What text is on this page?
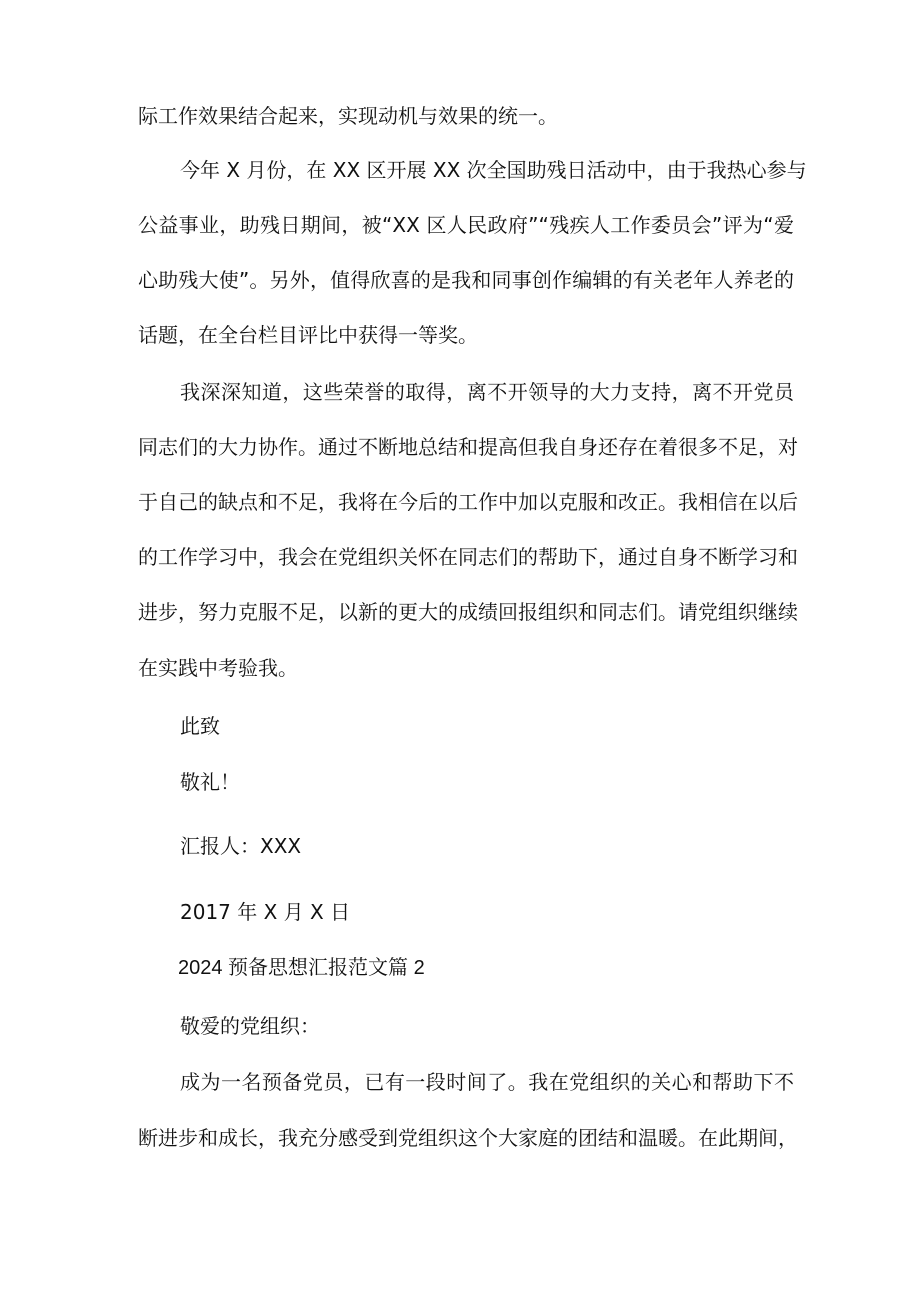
际工作效果结合起来，实现动机与效果的统一。
今年 X 月份，在 XX 区开展 XX 次全国助残日活动中，由于我热心参与
公益事业，助残日期间，被“XX 区人民政府”“残疾人工作委员会”评为“爱
心助残大使”。另外，值得欣喜的是我和同事创作编辑的有关老年人养老的
话题，在全台栏目评比中获得一等奖。
我深深知道，这些荣誉的取得，离不开领导的大力支持，离不开党员
同志们的大力协作。通过不断地总结和提高但我自身还存在着很多不足，对
于自己的缺点和不足，我将在今后的工作中加以克服和改正。我相信在以后
的工作学习中，我会在党组织关怀在同志们的帮助下，通过自身不断学习和
进步，努力克服不足，以新的更大的成绩回报组织和同志们。请党组织继续
在实践中考验我。
此致
敬礼！
汇报人：XXX
2017 年 X 月 X 日
2024 预备思想汇报范文篇 2
敬爱的党组织：
成为一名预备党员，已有一段时间了。我在党组织的关心和帮助下不
断进步和成长，我充分感受到党组织这个大家庭的团结和温暖。在此期间，
